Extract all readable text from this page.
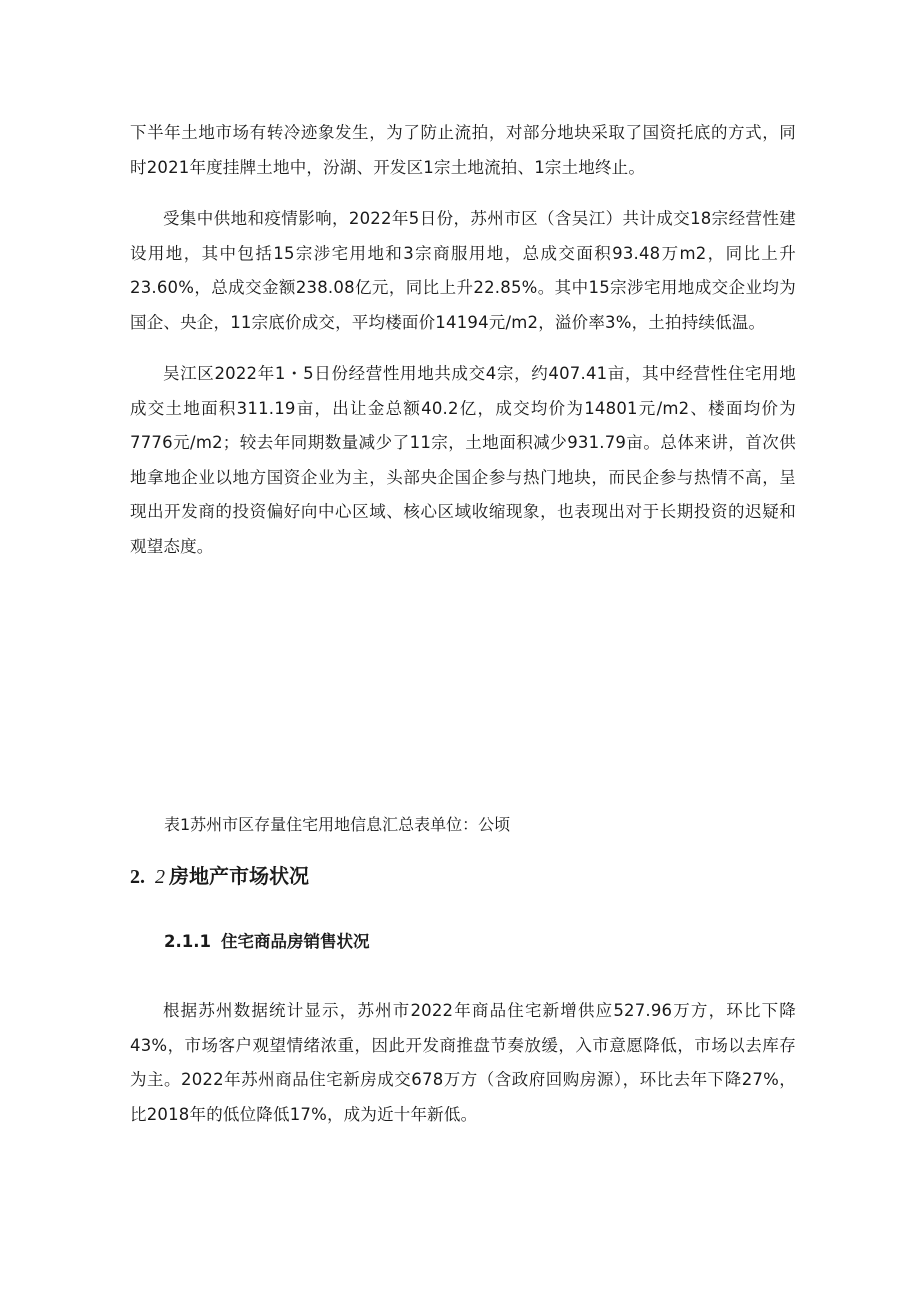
下半年土地市场有转冷迹象发生，为了防止流拍，对部分地块采取了国资托底的方式，同时2021年度挂牌土地中，汾湖、开发区1宗土地流拍、1宗土地终止。

受集中供地和疫情影响，2022年5日份，苏州市区（含吴江）共计成交18宗经营性建设用地，其中包括15宗涉宅用地和3宗商服用地，总成交面积93.48万m2，同比上升23.60%，总成交金额238.08亿元，同比上升22.85%。其中15宗涉宅用地成交企业均为国企、央企，11宗底价成交，平均楼面价14194元/m2，溢价率3%，土拍持续低温。

吴江区2022年1・5日份经营性用地共成交4宗，约407.41亩，其中经营性住宅用地成交土地面积311.19亩，出让金总额40.2亿，成交均价为14801元/m2、楼面均价为7776元/m2；较去年同期数量减少了11宗，土地面积减少931.79亩。总体来讲，首次供地拿地企业以地方国资企业为主，头部央企国企参与热门地块，而民企参与热情不高，呈现出开发商的投资偏好向中心区域、核心区域收缩现象，也表现出对于长期投资的迟疑和观望态度。

表1苏州市区存量住宅用地信息汇总表单位：公顷

2. 2 房地产市场状况
2.1.1 住宅商品房销售状况

根据苏州数据统计显示，苏州市2022年商品住宅新增供应527.96万方，环比下降43%，市场客户观望情绪浓重，因此开发商推盘节奏放缓，入市意愿降低，市场以去库存为主。2022年苏州商品住宅新房成交678万方（含政府回购房源），环比去年下降27%，比2018年的低位降低17%，成为近十年新低。
